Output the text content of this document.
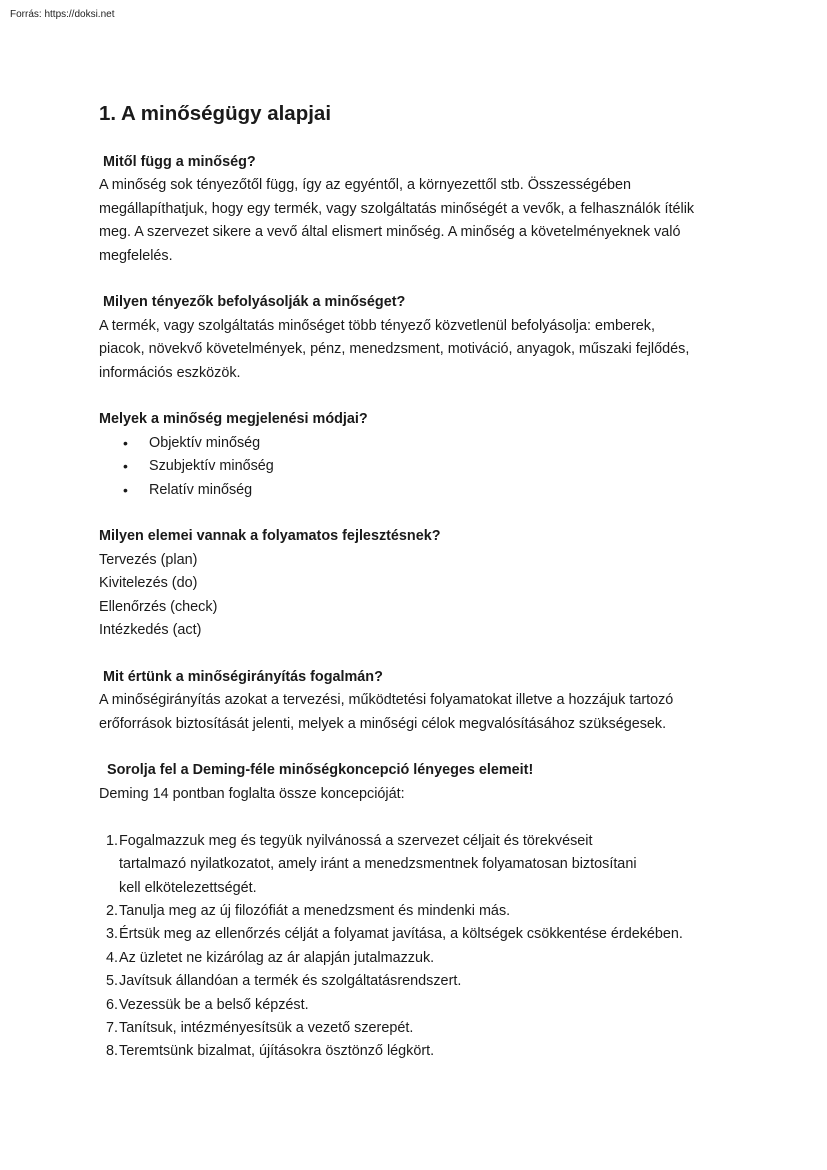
Forrás: https://doksi.net
1. A minőségügy alapjai
Mitől függ a minőség?
A minőség sok tényezőtől függ, így az egyéntől, a környezettől stb. Összességében
megállapíthatjuk, hogy egy termék, vagy szolgáltatás minőségét a vevők, a felhasználók ítélik
meg. A szervezet sikere a vevő által elismert minőség. A minőség a követelményeknek való
megfelelés.
Milyen tényezők befolyásolják a minőséget?
A termék, vagy szolgáltatás minőséget több tényező közvetlenül befolyásolja: emberek,
piacok, növekvő követelmények, pénz, menedzsment, motiváció, anyagok, műszaki fejlődés,
információs eszközök.
Melyek a minőség megjelenési módjai?
• Objektív minőség
• Szubjektív minőség
• Relatív minőség
Milyen elemei vannak a folyamatos fejlesztésnek?
Tervezés (plan)
Kivitelezés (do)
Ellenőrzés (check)
Intézkedés (act)
Mit értünk a minőségirányítás fogalmán?
A minőségirányítás azokat a tervezési, működtetési folyamatokat illetve a hozzájuk tartozó
erőforrások biztosítását jelenti, melyek a minőségi célok megvalósításához szükségesek.
Sorolja fel a Deming-féle minőségkoncepció lényeges elemeit!
Deming 14 pontban foglalta össze koncepcióját:
1. Fogalmazzuk meg és tegyük nyilvánossá a szervezet céljait és törekvéseit
tartalmazó nyilatkozatot, amely iránt a menedzsmentnek folyamatosan biztosítani
kell elkötelezettségét.
2. Tanulja meg az új filozófiát a menedzsment és mindenki más.
3. Értsük meg az ellenőrzés célját a folyamat javítása, a költségek csökkentése érdekében.
4. Az üzletet ne kizárólag az ár alapján jutalmazzuk.
5. Javítsuk állandóan a termék és szolgáltatásrendszert.
6. Vezessük be a belső képzést.
7. Tanítsuk, intézményesítsük a vezető szerepét.
8. Teremtsünk bizalmat, újításokra ösztönző légkört.
